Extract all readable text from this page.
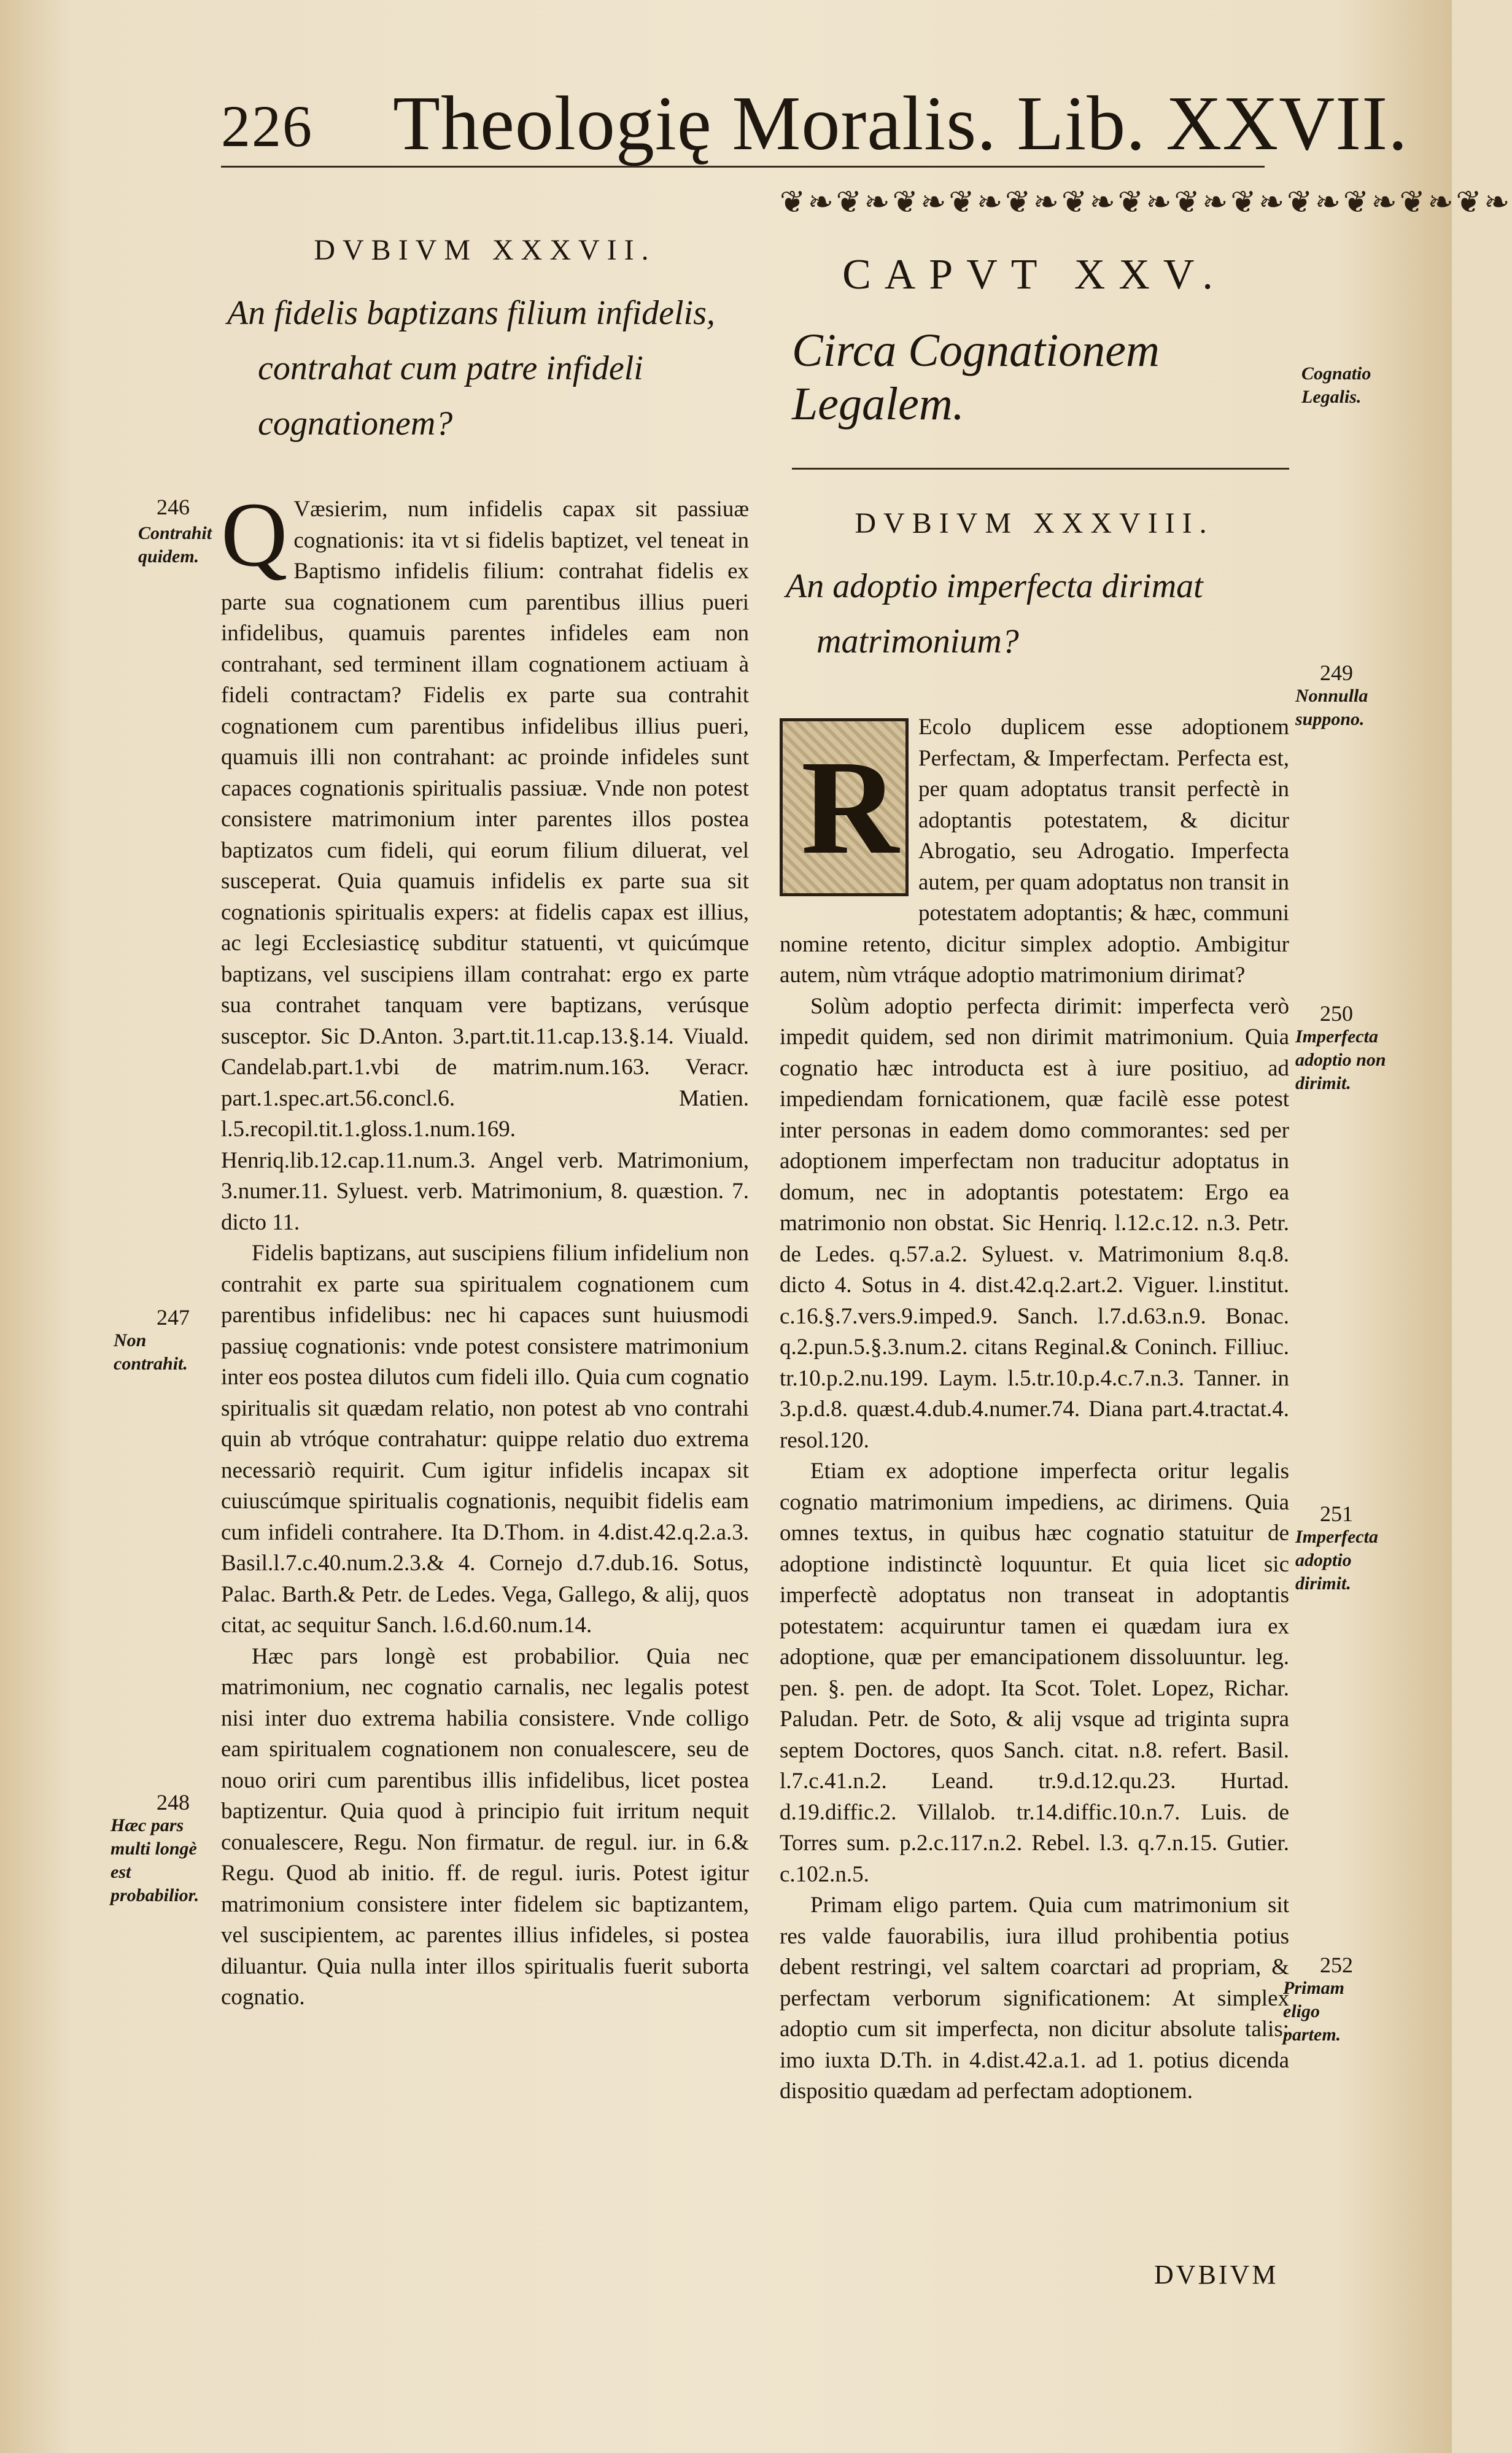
226 Theologię Moralis. Lib. XXVII.
DVBIVM XXXVII.
An fidelis baptizans filium infidelis, contrahat cum patre infideli cognationem?

Q Væsierim, num infidelis capax sit passiuæ cognationis: ita vt si fidelis baptizet, vel teneat in Baptismo infidelis filium: contrahat fidelis ex parte sua cognationem cum parentibus illius pueri infidelibus, quamuis parentes infideles eam non contrahant, sed terminent illam cognationem actiuam à fideli contractam? Fidelis ex parte sua contrahit cognationem cum parentibus infidelibus illius pueri, quamuis illi non contrahant: ac proinde infideles sunt capaces cognationis spiritualis passiuæ. Vnde non potest consistere matrimonium inter parentes illos postea baptizatos cum fideli, qui eorum filium diluerat, vel susceperat. Quia quamuis infidelis ex parte sua sit cognationis spiritualis expers: at fidelis capax est illius, ac legi Ecclesiasticę subditur statuenti, vt quicúmque baptizans, vel suscipiens illam contrahat: ergo ex parte sua contrahet tanquam vere baptizans, verúsque susceptor. Sic D.Anton. 3.part.tit.11.cap.13.§.14. Viuald. Candelab.part.1.vbi de matrim.num.163. Veracr. part.1.spec.art.56.concl.6. Matien. l.5.recopil.tit.1.gloss.1.num.169. Henriq.lib.12.cap.11.num.3. Angel verb. Matrimonium, 3.numer.11. Syluest. verb. Matrimonium, 8. quæstion. 7. dicto 11.

Fidelis baptizans, aut suscipiens filium infidelium non contrahit ex parte sua spiritualem cognationem cum parentibus infidelibus: nec hi capaces sunt huiusmodi passiuę cognationis: vnde potest consistere matrimonium inter eos postea dilutos cum fideli illo. Quia cum cognatio spiritualis sit quædam relatio, non potest ab vno contrahi quin ab vtróque contrahatur: quippe relatio duo extrema necessariò requirit. Cum igitur infidelis incapax sit cuiuscúmque spiritualis cognationis, nequibit fidelis eam cum infideli contrahere. Ita D.Thom. in 4.dist.42.q.2.a.3. Basil.l.7.c.40.num.2.3.& 4. Cornejo d.7.dub.16. Sotus, Palac. Barth.& Petr. de Ledes. Vega, Gallego, & alij, quos citat, ac sequitur Sanch. l.6.d.60.num.14.

Hæc pars longè est probabilior. Quia nec matrimonium, nec cognatio carnalis, nec legalis potest nisi inter duo extrema habilia consistere. Vnde colligo eam spiritualem cognationem non conualescere, seu de nouo oriri cum parentibus illis infidelibus, licet postea baptizentur. Quia quod à principio fuit irritum nequit conualescere, Regu. Non firmatur. de regul. iur. in 6.& Regu. Quod ab initio. ff. de regul. iuris. Potest igitur matrimonium consistere inter fidelem sic baptizantem, vel suscipientem, ac parentes illius infideles, si postea diluantur. Quia nulla inter illos spiritualis fuerit suborta cognatio.

246
Contrahit quidem.
247
Non contrahit.
248
Hæc pars multi longè est probabilior.
❦❧❦❧❦❧❦❧❦❧❦❧❦❧❦❧❦❧❦❧❦❧❦❧❦❧
CAPVT XXV.
Circa Cognationem Legalem.
DVBIVM XXXVIII.
An adoptio imperfecta dirimat matrimonium?

R
Ecolo duplicem esse adoptionem Perfectam, & Imperfectam. Perfecta est, per quam adoptatus transit perfectè in adoptantis potestatem, & dicitur Abrogatio, seu Adrogatio. Imperfecta autem, per quam adoptatus non transit in potestatem adoptantis; & hæc, communi nomine retento, dicitur simplex adoptio. Ambigitur autem, nùm vtráque adoptio matrimonium dirimat?

Solùm adoptio perfecta dirimit: imperfecta verò impedit quidem, sed non dirimit matrimonium. Quia cognatio hæc introducta est à iure positiuo, ad impediendam fornicationem, quæ facilè esse potest inter personas in eadem domo commorantes: sed per adoptionem imperfectam non traducitur adoptatus in domum, nec in adoptantis potestatem: Ergo ea matrimonio non obstat. Sic Henriq. l.12.c.12. n.3. Petr. de Ledes. q.57.a.2. Syluest. v. Matrimonium 8.q.8. dicto 4. Sotus in 4. dist.42.q.2.art.2. Viguer. l.institut. c.16.§.7.vers.9.imped.9. Sanch. l.7.d.63.n.9. Bonac. q.2.pun.5.§.3.num.2. citans Reginal.& Coninch. Filliuc. tr.10.p.2.nu.199. Laym. l.5.tr.10.p.4.c.7.n.3. Tanner. in 3.p.d.8. quæst.4.dub.4.numer.74. Diana part.4.tractat.4. resol.120.

Etiam ex adoptione imperfecta oritur legalis cognatio matrimonium impediens, ac dirimens. Quia omnes textus, in quibus hæc cognatio statuitur de adoptione indistinctè loquuntur. Et quia licet sic imperfectè adoptatus non transeat in adoptantis potestatem: acquiruntur tamen ei quædam iura ex adoptione, quæ per emancipationem dissoluuntur. leg. pen. §. pen. de adopt. Ita Scot. Tolet. Lopez, Richar. Paludan. Petr. de Soto, & alij vsque ad triginta supra septem Doctores, quos Sanch. citat. n.8. refert. Basil. l.7.c.41.n.2. Leand. tr.9.d.12.qu.23. Hurtad. d.19.diffic.2. Villalob. tr.14.diffic.10.n.7. Luis. de Torres sum. p.2.c.117.n.2. Rebel. l.3. q.7.n.15. Gutier. c.102.n.5.

Primam eligo partem. Quia cum matrimonium sit res valde fauorabilis, iura illud prohibentia potius debent restringi, vel saltem coarctari ad propriam, & perfectam verborum significationem: At simplex adoptio cum sit imperfecta, non dicitur absolute talis: imo iuxta D.Th. in 4.dist.42.a.1. ad 1. potius dicenda dispositio quædam ad perfectam adoptionem.

Cognatio Legalis.
249
Nonnulla suppono.
250
Imperfecta adoptio non dirimit.
251
Imperfecta adoptio dirimit.
252
Primam eligo partem.
DVBIVM
